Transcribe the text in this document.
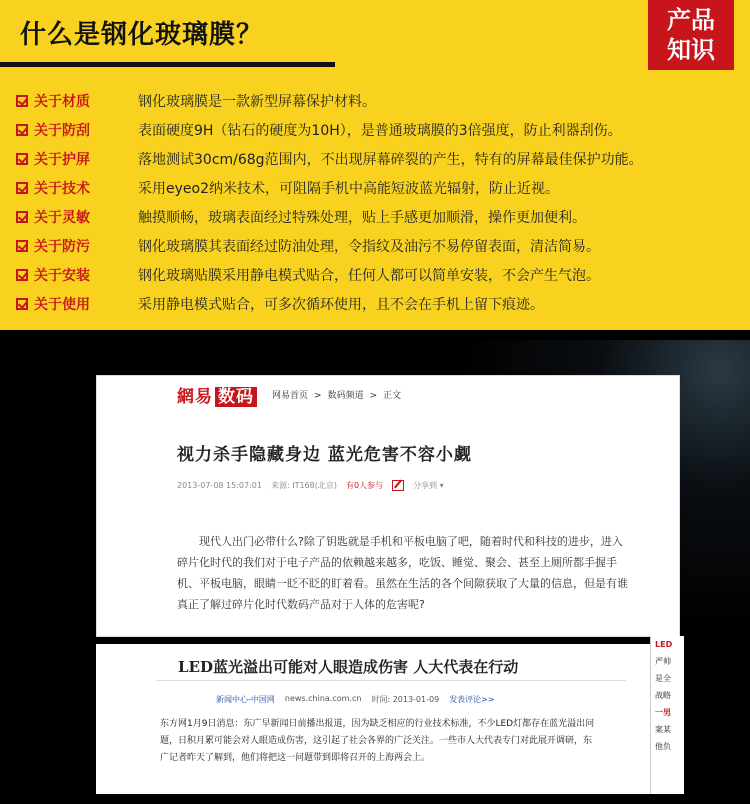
什么是钢化玻璃膜？	产品
知识
关于材质	钢化玻璃膜是一款新型屏幕保护材料。
关于防刮	表面硬度9H（钻石的硬度为10H），是普通玻璃膜的3倍强度，防止利器刮伤。
关于护屏	落地测试30cm/68g范围内，不出现屏幕碎裂的产生，特有的屏幕最佳保护功能。
关于技术	采用eyeo2纳米技术，可阻隔手机中高能短波蓝光辐射，防止近视。
关于灵敏	触摸顺畅，玻璃表面经过特殊处理，贴上手感更加顺滑，操作更加便利。
关于防污	钢化玻璃膜其表面经过防油处理，令指纹及油污不易停留表面，清洁简易。
关于安装	钢化玻璃贴膜采用静电模式贴合，任何人都可以简单安装，不会产生气泡。
关于使用	采用静电模式贴合，可多次循环使用，且不会在手机上留下痕迹。
網易 数码	网易首页 > 数码频道 > 正文
视力杀手隐藏身边 蓝光危害不容小觑
2013-07-08 15:07:01 来源: IT168(北京) 有0人参与	分享到 ▾
现代人出门必带什么?除了钥匙就是手机和平板电脑了吧，随着时代和科技的进步，进入碎片化时代的我们对于电子产品的依赖越来越多，吃饭、睡觉、聚会、甚至上厕所都手握手机、平板电脑，眼睛一眨不眨的盯着看。虽然在生活的各个间隙获取了大量的信息，但是有谁真正了解过碎片化时代数码产品对于人体的危害呢?
LED蓝光溢出可能对人眼造成伤害 人大代表在行动
新闻中心-中国网 news.china.com.cn 时间: 2013-01-09 发表评论>>
东方网1月9日消息：东广早新闻日前播出报道，因为缺乏相应的行业技术标准，不少LED灯都存在蓝光溢出问题，日积月累可能会对人眼造成伤害，这引起了社会各界的广泛关注。一些市人大代表专门对此展开调研，东广记者昨天了解到，他们将把这一问题带到即将召开的上海两会上。
LED
严帅
是全
战略
一男
案某
他负
